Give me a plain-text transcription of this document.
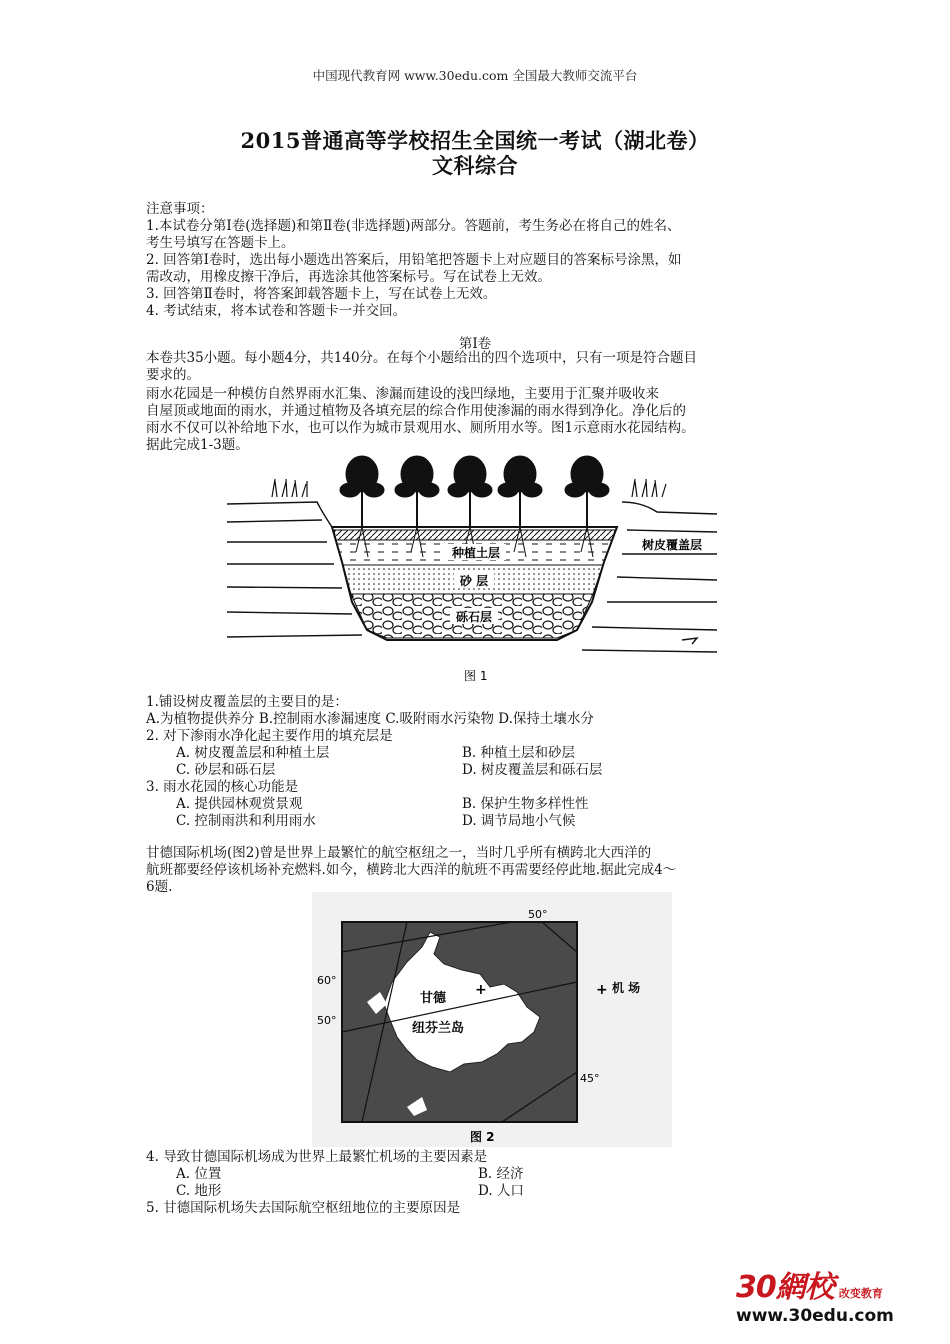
中国现代教育网 www.30edu.com 全国最大教师交流平台
2015普通高等学校招生全国统一考试（湖北卷）
文科综合
注意事项：
1.本试卷分第Ⅰ卷(选择题)和第Ⅱ卷(非选择题)两部分。答题前，考生务必在将自己的姓名、
考生号填写在答题卡上。
2. 回答第Ⅰ卷时，选出每小题选出答案后，用铅笔把答题卡上对应题目的答案标号涂黑，如
需改动，用橡皮擦干净后，再选涂其他答案标号。写在试卷上无效。
3. 回答第Ⅱ卷时，将答案卸载答题卡上，写在试卷上无效。
4. 考试结束，将本试卷和答题卡一并交回。
第Ⅰ卷
本卷共35小题。每小题4分，共140分。在每个小题给出的四个选项中，只有一项是符合题目
要求的。
雨水花园是一种模仿自然界雨水汇集、渗漏而建设的浅凹绿地，主要用于汇聚并吸收来
自屋顶或地面的雨水，并通过植物及各填充层的综合作用使渗漏的雨水得到净化。净化后的
雨水不仅可以补给地下水，也可以作为城市景观用水、厕所用水等。图1示意雨水花园结构。
据此完成1-3题。
种植土层
砂 层
砾石层
树皮覆盖层
图 1
1.铺设树皮覆盖层的主要目的是：
A.为植物提供养分 B.控制雨水渗漏速度 C.吸附雨水污染物 D.保持土壤水分
2. 对下渗雨水净化起主要作用的填充层是
A. 树皮覆盖层和种植土层	B. 种植土层和砂层
C. 砂层和砾石层	D. 树皮覆盖层和砾石层
3. 雨水花园的核心功能是
A. 提供园林观赏景观	B. 保护生物多样性性
C. 控制雨洪和利用雨水	D. 调节局地小气候
甘德国际机场(图2)曾是世界上最繁忙的航空枢纽之一，当时几乎所有横跨北大西洋的
航班都要经停该机场补充燃料.如今，横跨北大西洋的航班不再需要经停此地.据此完成4～
6题.
50°
60°
50°
45°
+
甘德
纽芬兰岛
+ 机 场
图 2
4. 导致甘德国际机场成为世界上最繁忙机场的主要因素是
A. 位置	B. 经济
C. 地形	D. 人口
5. 甘德国际机场失去国际航空枢纽地位的主要原因是
30網校 改变教育
www.30edu.com
